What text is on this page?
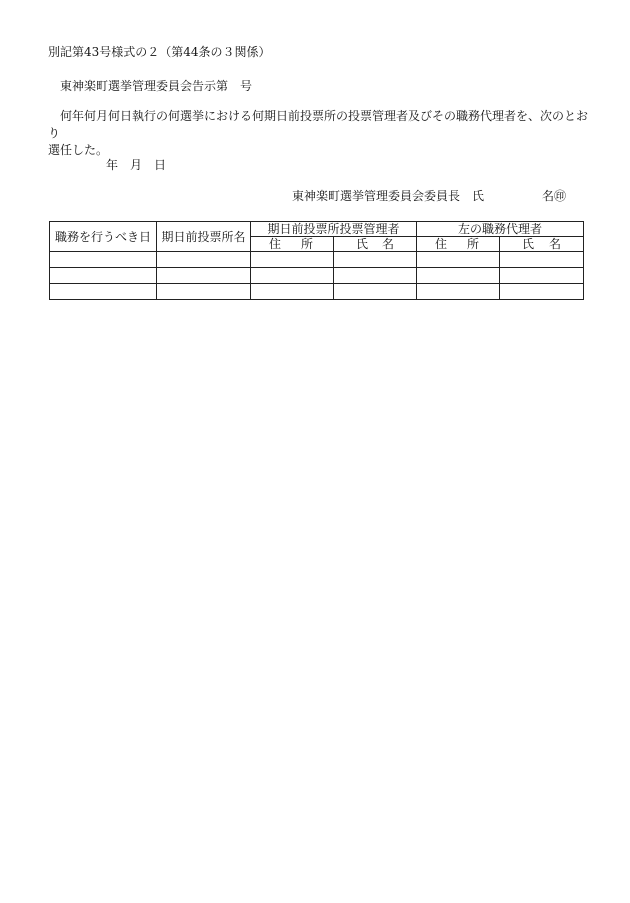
別記第43号様式の２（第44条の３関係）
東神楽町選挙管理委員会告示第　号
何年何月何日執行の何選挙における何期日前投票所の投票管理者及びその職務代理者を、次のとおり
選任した。
年 月 日
東神楽町選挙管理委員会委員長　氏	名㊞
職務を行うべき日	期日前投票所名	期日前投票所投票管理者		左の職務代理者	

		住 所	氏 名	住 所	氏 名
